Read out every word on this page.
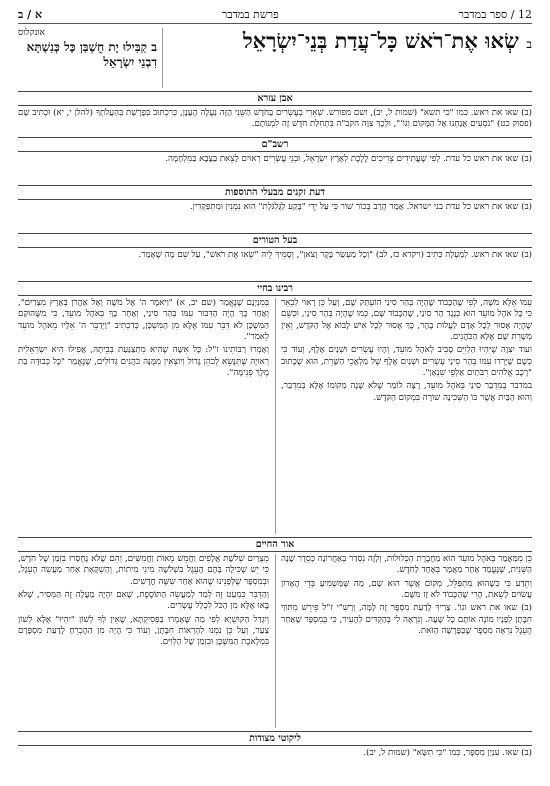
12 / ספר במדבר
פרשת במדבר
א / ב
ב שְׂאוּ אֶת־רֹאשׁ כָּל־עֲדַת בְּנֵי־יִשְׂרָאֵל
אונקלוס
ב קַבִּילוּ יָת חֻשְׁבַּן כָּל כְּנִשְׁתָּא דִבְנֵי יִשְׂרָאֵל
אבן עזרא
(ב) שאו את ראש. כמו "כי תשא" (שמות ל, יב), ושם מפורש. שְׁאֵרִי בְעֶשְׂרִים בַּחֹדֶשׁ הַשֵּׁנִי הַזֶּה נַעֲלָה הֶעָנָן, כְּרִכְתּוּב בְּפָרָשַׁת בְּהַעֲלֹתְךָ (להלן י, יא) וּכְתִיב שָׁם (פסוק כט) "נֹסְעִים אֲנַחְנוּ אֶל הַמָּקוֹם וְגוֹ'", וּלְכָךְ צִוָּה הקב"ה בִּתְחִלַּת חֹדֶשׁ זֶה לִמְנוֹתָם.
רשב"ם
(ב) שאו את ראש כל עדת. לְפִי שֶׁעֲתִידִים צְרִיכִים לָלֶכֶת לְאֶרֶץ יִשְׂרָאֵל, וּבְנֵי עֶשְׂרִים רְאוּיִם לָצֵאת בַּצָּבָא בַּמִּלְחָמָה.
דעת זקנים מבעלי התוספות
(ב) שאו את ראש כל עדת בני ישראל. אָמַר הָרַב בְּכוֹר שׁוֹר כִּי עַל יְדֵי "בֶּקַע לַגֻּלְגֹּלֶת" הוּא נִמְנִין וּמִתְפַּקְדִין.
בעל הטורים
(ב) שאו את ראש. לְמַעְלָה כְּתִיב (ויקרא כז, לב) "וְכָל מַעְשַׂר בָּקָר וָצֹאן", וְסָמִיךְ לֵיהּ "שְׂאוּ אֶת רֹאשׁ", עַל שֵׁם מָה שֶׁאָמַר.
רבינו בחיי

עִמּוֹ אֵלָּא מֹשֶׁה, לְפִי שֶׁהַכָּבוֹד שֶׁהָיָה בְּהַר סִינַי הוֹעְתַּק שָׁם, וְעַל כֵּן רָאוּי לְבֵאֵר כִּי כָּל אֹהֶל מוֹעֵד הוּא כְּנֶגֶד הַר סִינַי, שֶׁהַכָּבוֹד שָׁם, כְּמוֹ שֶׁהָיָה בְּהַר סִינַי, וּכְשֵׁם שֶׁהָיָה אָסוּר לְכָל אָדָם לַעֲלוֹת בָּהָר, כָּךְ אָסוּר לְכָל אִישׁ לָבוֹא אֶל הַקֹּדֶשׁ, וְאֵין מְשָׁרֵת שָׁם אֶלָּא הַכֹּהֲנִים.

ועוד יִצְוָה שֶׁיִּהְיוּ הַלְוִיִּם סָבִיב לְאֹהֶל מוֹעֵד, וְהָיוּ עֶשְׂרִים וּשְׁנַיִם אֶלֶף, וְעוֹד כִּי כְּשֶׁם שֶׁיָּרְדוּ עִמּוֹ בְּהַר סִינַי עֶשְׂרִים וּשְׁנַיִם אֶלֶף שֶׁל מַלְאֲכֵי הַשָּׁרֵת, הוּא שֶׁכָּתוּב "רֶכֶב אֱלֹהִים רִבֹּתַיִם אַלְפֵי שִׁנְאָן".

במדבר בְּמִדְבַּר סִינַי בְּאֹהֶל מוֹעֵד, רָצָה לוֹמַר שֶׁלֹּא שָׁנָה מְקוֹמוֹ אֶלָּא בְּמִדְבַּר, וְהוּא הַבַּיִת אֲשֶׁר בּוֹ הַשְּׁכִינָה שׁוֹרָה בִּמְקוֹם הַקֹּדֶשׁ.

בְּמִנְיָנָם שֶׁנֶּאֱמַר (שם יב, א) "וַיֹּאמֶר ה' אֶל מֹשֶׁה וְאֶל אַהֲרֹן בְּאֶרֶץ מִצְרַיִם", וְאַחַר כָּךְ הָיָה הַדִּבּוּר עִמּוֹ בְּהַר סִינַי, וְאַחַר כָּךְ בְּאֹהֶל מוֹעֵד, כִּי מִשֶּׁהוּקַם הַמִּשְׁכָּן לֹא דִּבֵּר עִמּוֹ אֶלָּא מִן הַמִּשְׁכָּן, כְּדִכְתִיב "וַיְדַבֵּר ה' אֵלָיו מֵאֹהֶל מוֹעֵד לֵאמֹר".

וְאָמְרוּ רַבּוֹתֵינוּ ז"ל: כָּל אִשָּׁה שֶׁהִיא מִתְצַנַּעַת בְּבֵיתָהּ, אֲפִילּוּ הִיא יִשְׂרְאֵלִית רְאוּיָה שֶׁתִּנָּשֵׂא לְכֹהֵן גָּדוֹל וְיוֹצְאִין מִמֶּנָּה כֹּהֲנִים גְּדוֹלִים, שֶׁנֶּאֱמַר "כָּל כְּבוּדָּה בַת מֶלֶךְ פְּנִימָה".

אור החיים

כֵּן מִמַּאֲמַר בְּאֹהֶל מוֹעֵד הוּא מַחֲבֶרֶת הַכְּלוּלוֹת, וְלָזֶה נִסְדַּר בְּאַחֲרוֹנָה כְּסֵדֶר שָׁנָה הַשֵּׁנִית, שֶׁנֶּעֱמַד אַחַר מַאֲמַר בְּאֶחָד לַחֹדֶשׁ.

וְתֵדַע כִּי כְּשֶׁהוּא מִתְפַּלֵּל, מְקוֹם אֲשֶׁר הוּא שָׁם, מַה שֶּׁמַּשְׁמִיעַ בְּדֵי הָאָרוֹן עֲשׂוּיִם לָשֵׂאת, הֲרֵי שֶׁהַכָּבוֹד לֹא זָז מִשָּׁם.

(ב) שאו את ראש וגו'. צָרִיךְ לָדַעַת מִסְפָּר זֶה לָמָּה, וְרַשִׁ"י ז"ל פֵּירֵשׁ מִתּוֹךְ חִבָּתָן לְפָנָיו מוֹנֶה אוֹתָם כָּל שָׁעָה. וְנִרְאֶה לִי בְּהַקְדִּים לְהָעִיר, כִּי בְּמִסְפָּר שֶׁאַחַר הָעֵגֶל נִרְאָה מִסְפָּר שֶׁבַּפָּרָשָׁה הַזֹּאת.

מִצְרַיִם שְׁלֹשֶׁת אֲלָפִים וַחֲמֵשׁ מֵאוֹת וַחֲמִשִּׁים, וְהֵם שֶׁלֹּא נֶחְסְרוּ בִּזְמַן שֶׁל חֹדֶשׁ, כִּי יֵשׁ שֶׁכִּילָה בָּהֶם הָעֵגֶל בִּשְׁלֹשָׁה מִינֵי מִיתוֹת, וְהַשְׁקָאָת אַחַר מַעֲשֵׂה הָעֵגֶל, וּבְמִסְפָּר שֶׁלְּפָנֵינוּ שֶׁהוּא אַחַר שִׁשָּׁה חֳדָשִׁים.

וְהַדִּבֵּר כִּמְעַט זֶה לְמַד לְמַעֲשֵׂה הַתּוֹסֶפֶת, שֶׁאִם יִהְיֶה מַעֲלָה זֶה הַמְּסִיר, שֶׁלֹּא בָּאוּ אֶלָּא מִן הַכֹּל לִכְלַל עֶשְׂרִים.

וְיִגְדַּל הַקּוּשְׁיָא לְפִי מַה שֶּׁאָמְרוּ בַּפְּסִיקְתָּא, שֶׁאֵין לְךָ לְשׁוֹן "יִהְיוּ" אֶלָּא לְשׁוֹן צַעַר, וְעַל כֵּן נִמְנוּ לְהַרְאוֹת חִבָּתָן, וְעוֹד כִּי הָיָה מִן הַהֶכְרֵחַ לָדַעַת מִסְפָּרָם בִּמְלֶאכֶת הַמִּשְׁכָּן וּבִזְמַן שֶׁל הַלְוִיִּם.

ליקוטי מצודות
(ב) שאו. עִנְיַן מִסְפָּר, כְּמוֹ "כִּי תִשָּׂא" (שמות ל, יב).
